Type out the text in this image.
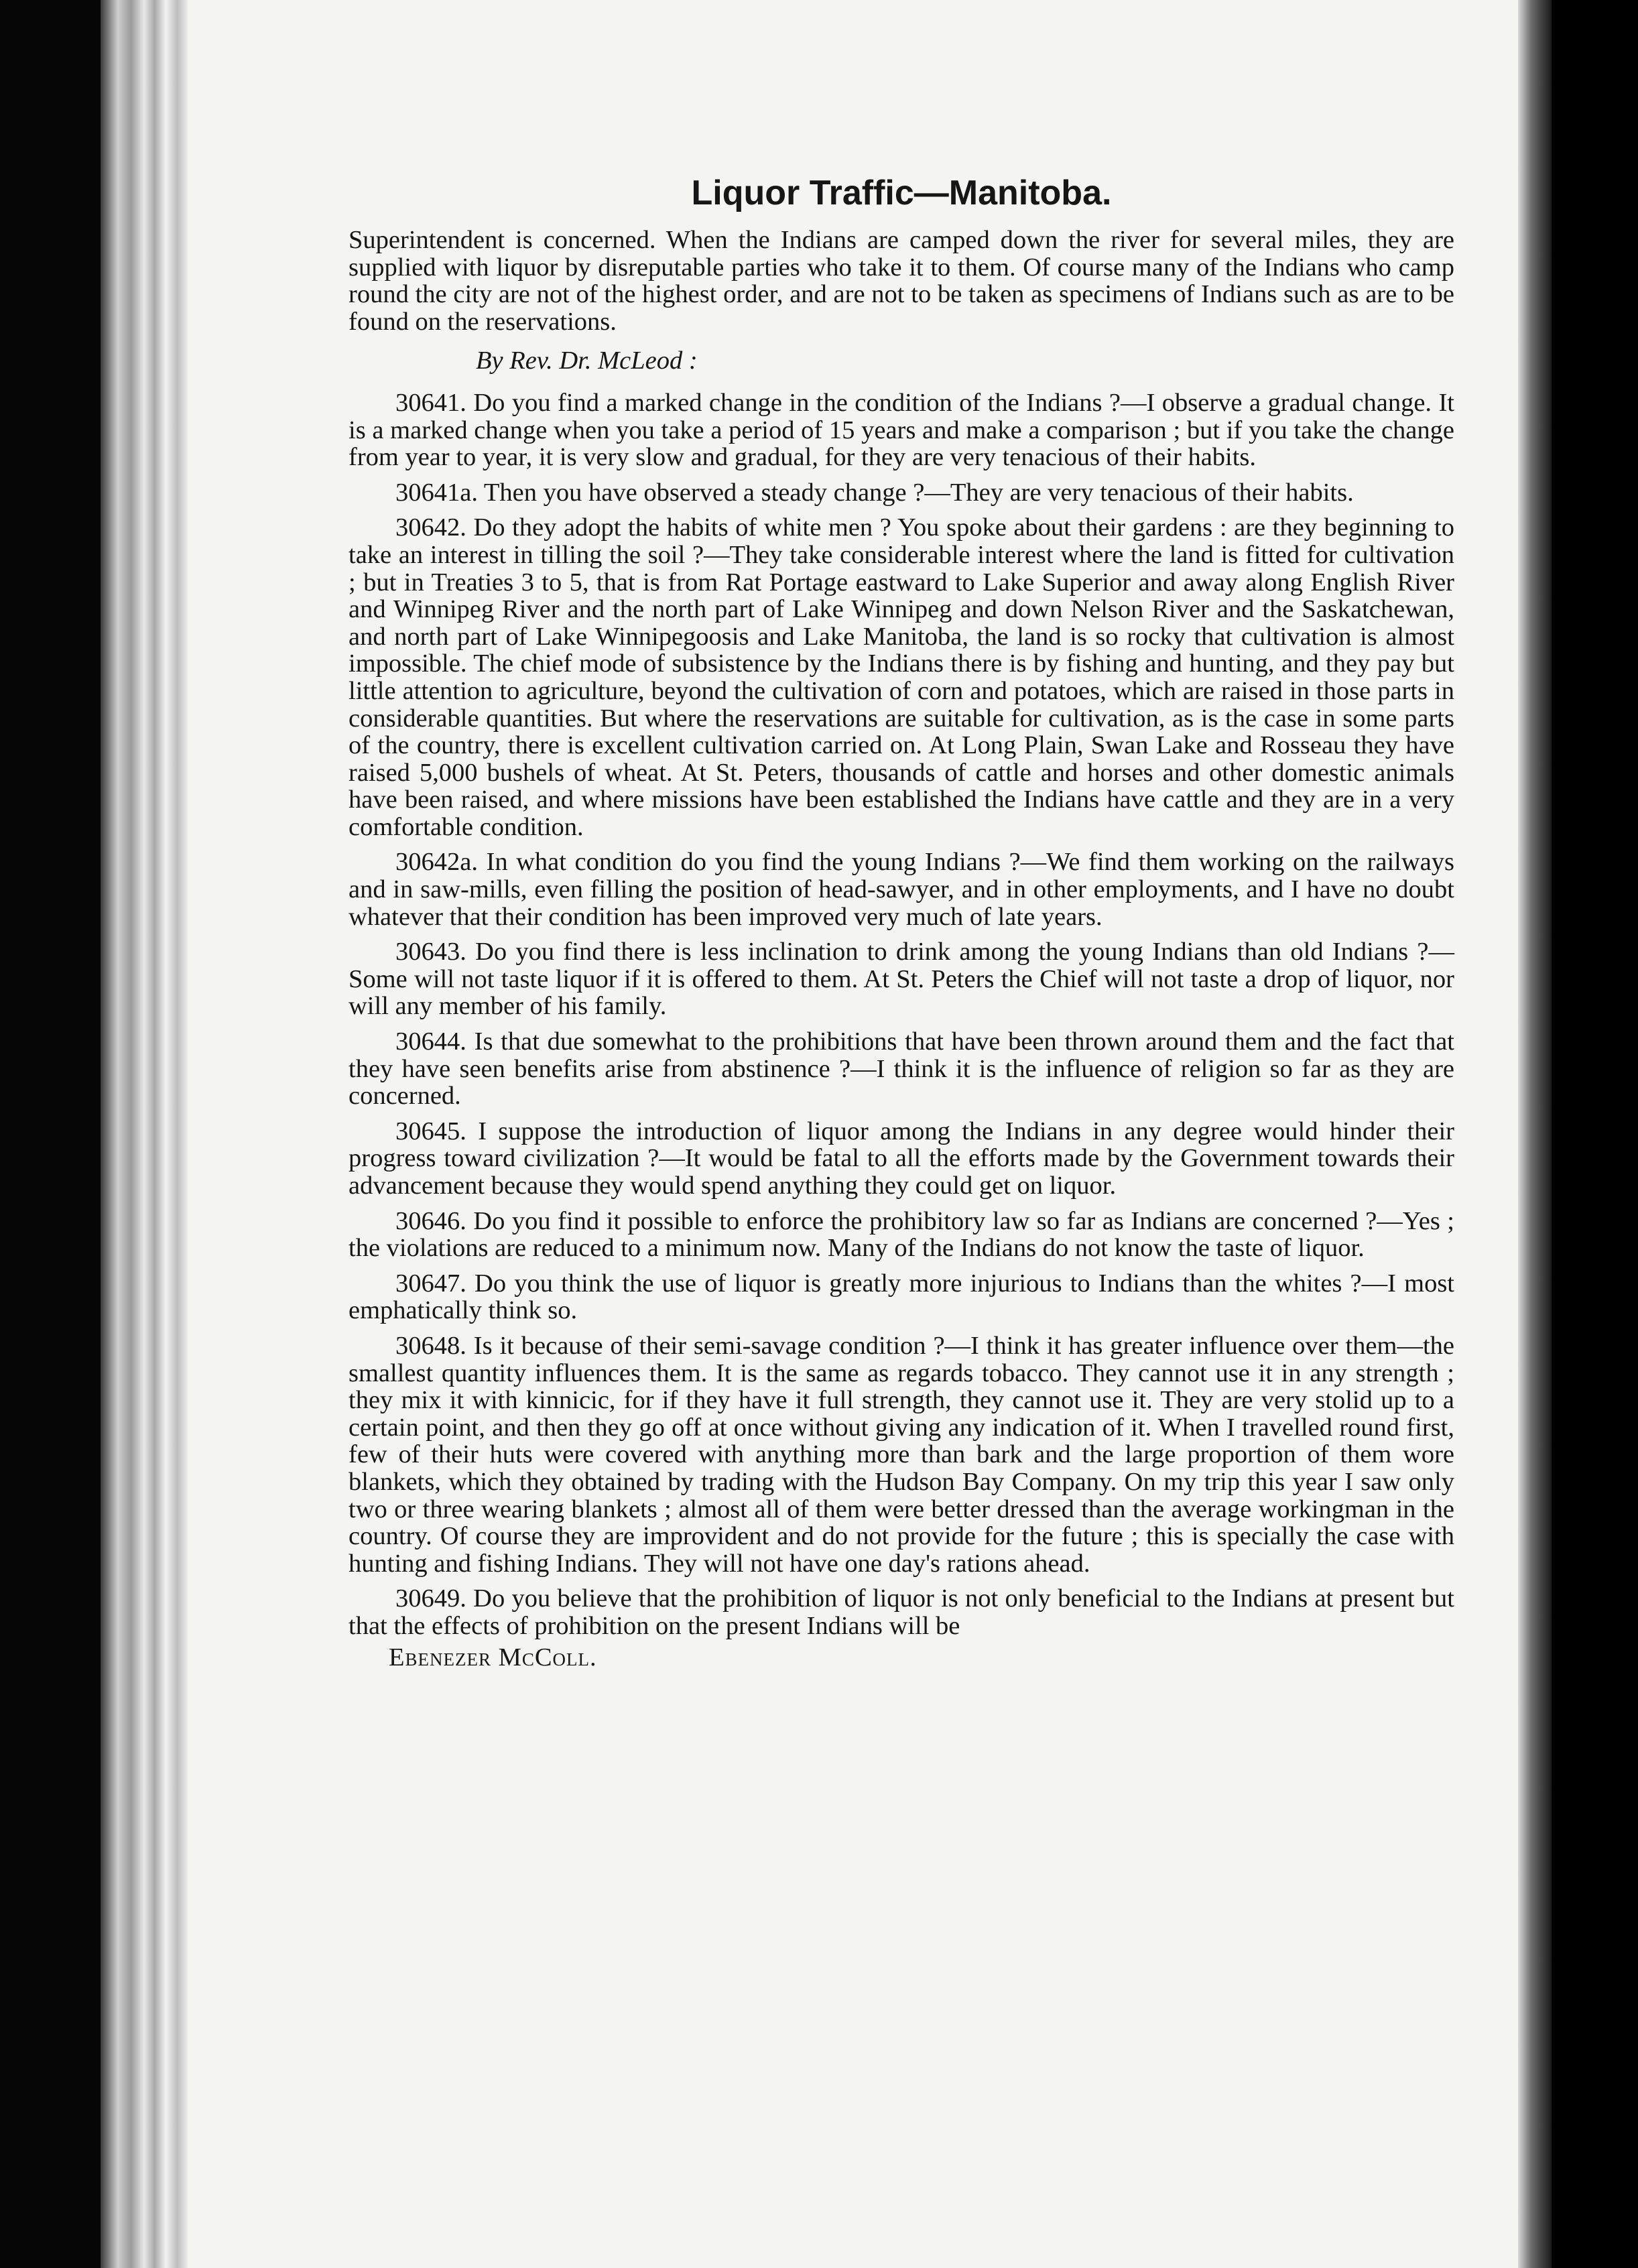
Liquor Traffic—Manitoba.

Superintendent is concerned. When the Indians are camped down the river for several miles, they are supplied with liquor by disreputable parties who take it to them. Of course many of the Indians who camp round the city are not of the highest order, and are not to be taken as specimens of Indians such as are to be found on the reservations.

By Rev. Dr. McLeod :

30641. Do you find a marked change in the condition of the Indians ?—I observe a gradual change. It is a marked change when you take a period of 15 years and make a comparison ; but if you take the change from year to year, it is very slow and gradual, for they are very tenacious of their habits.

30641a. Then you have observed a steady change ?—They are very tenacious of their habits.

30642. Do they adopt the habits of white men ? You spoke about their gardens : are they beginning to take an interest in tilling the soil ?—They take considerable interest where the land is fitted for cultivation ; but in Treaties 3 to 5, that is from Rat Portage eastward to Lake Superior and away along English River and Winnipeg River and the north part of Lake Winnipeg and down Nelson River and the Saskatchewan, and north part of Lake Winnipegoosis and Lake Manitoba, the land is so rocky that cultivation is almost impossible. The chief mode of subsistence by the Indians there is by fishing and hunting, and they pay but little attention to agriculture, beyond the cultivation of corn and potatoes, which are raised in those parts in considerable quantities. But where the reservations are suitable for cultivation, as is the case in some parts of the country, there is excellent cultivation carried on. At Long Plain, Swan Lake and Rosseau they have raised 5,000 bushels of wheat. At St. Peters, thousands of cattle and horses and other domestic animals have been raised, and where missions have been established the Indians have cattle and they are in a very comfortable condition.

30642a. In what condition do you find the young Indians ?—We find them working on the railways and in saw-mills, even filling the position of head-sawyer, and in other employments, and I have no doubt whatever that their condition has been improved very much of late years.

30643. Do you find there is less inclination to drink among the young Indians than old Indians ?—Some will not taste liquor if it is offered to them. At St. Peters the Chief will not taste a drop of liquor, nor will any member of his family.

30644. Is that due somewhat to the prohibitions that have been thrown around them and the fact that they have seen benefits arise from abstinence ?—I think it is the influence of religion so far as they are concerned.

30645. I suppose the introduction of liquor among the Indians in any degree would hinder their progress toward civilization ?—It would be fatal to all the efforts made by the Government towards their advancement because they would spend anything they could get on liquor.

30646. Do you find it possible to enforce the prohibitory law so far as Indians are concerned ?—Yes ; the violations are reduced to a minimum now. Many of the Indians do not know the taste of liquor.

30647. Do you think the use of liquor is greatly more injurious to Indians than the whites ?—I most emphatically think so.

30648. Is it because of their semi-savage condition ?—I think it has greater influence over them—the smallest quantity influences them. It is the same as regards tobacco. They cannot use it in any strength ; they mix it with kinnicic, for if they have it full strength, they cannot use it. They are very stolid up to a certain point, and then they go off at once without giving any indication of it. When I travelled round first, few of their huts were covered with anything more than bark and the large proportion of them wore blankets, which they obtained by trading with the Hudson Bay Company. On my trip this year I saw only two or three wearing blankets ; almost all of them were better dressed than the average workingman in the country. Of course they are improvident and do not provide for the future ; this is specially the case with hunting and fishing Indians. They will not have one day's rations ahead.

30649. Do you believe that the prohibition of liquor is not only beneficial to the Indians at present but that the effects of prohibition on the present Indians will be

Ebenezer McColl.
